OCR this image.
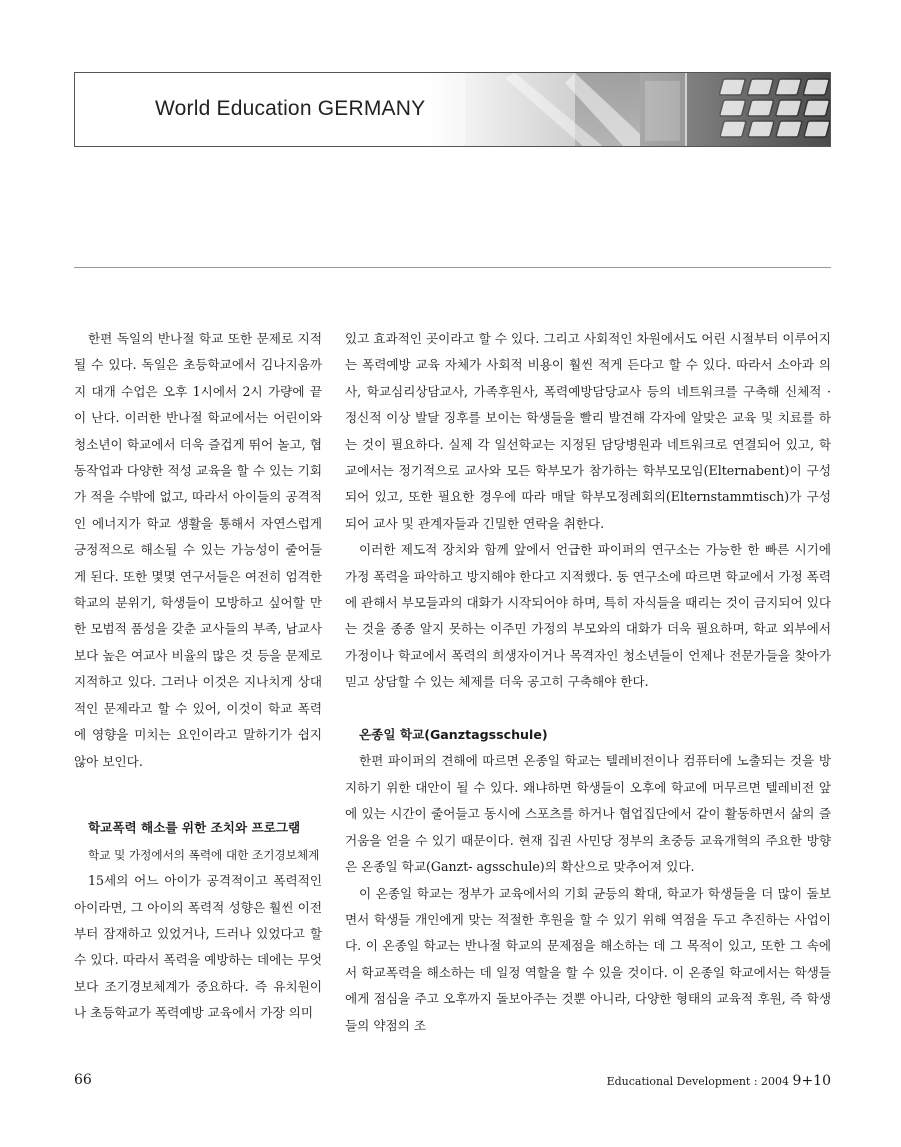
World Education GERMANY

한편 독일의 반나절 학교 또한 문제로 지적될 수 있다. 독일은 초등학교에서 김나지움까지 대개 수업은 오후 1시에서 2시 가량에 끝이 난다. 이러한 반나절 학교에서는 어린이와 청소년이 학교에서 더욱 즐겁게 뛰어 놀고, 협동작업과 다양한 적성 교육을 할 수 있는 기회가 적을 수밖에 없고, 따라서 아이들의 공격적인 에너지가 학교 생활을 통해서 자연스럽게 긍정적으로 해소될 수 있는 가능성이 줄어들게 된다. 또한 몇몇 연구서들은 여전히 엄격한 학교의 분위기, 학생들이 모방하고 싶어할 만한 모범적 품성을 갖춘 교사들의 부족, 남교사보다 높은 여교사 비율의 많은 것 등을 문제로 지적하고 있다. 그러나 이것은 지나치게 상대적인 문제라고 할 수 있어, 이것이 학교 폭력에 영향을 미치는 요인이라고 말하기가 쉽지 않아 보인다.

학교폭력 해소를 위한 조치와 프로그램

학교 및 가정에서의 폭력에 대한 조기경보체계

15세의 어느 아이가 공격적이고 폭력적인 아이라면, 그 아이의 폭력적 성향은 훨씬 이전부터 잠재하고 있었거나, 드러나 있었다고 할 수 있다. 따라서 폭력을 예방하는 데에는 무엇보다 조기경보체계가 중요하다. 즉 유치원이나 초등학교가 폭력예방 교육에서 가장 의미

있고 효과적인 곳이라고 할 수 있다. 그리고 사회적인 차원에서도 어린 시절부터 이루어지는 폭력예방 교육 자체가 사회적 비용이 훨씬 적게 든다고 할 수 있다. 따라서 소아과 의사, 학교심리상담교사, 가족후원사, 폭력예방담당교사 등의 네트워크를 구축해 신체적 · 정신적 이상 발달 징후를 보이는 학생들을 빨리 발견해 각자에 알맞은 교육 및 치료를 하는 것이 필요하다. 실제 각 일선학교는 지정된 담당병원과 네트워크로 연결되어 있고, 학교에서는 정기적으로 교사와 모든 학부모가 참가하는 학부모모임(Elternabent)이 구성되어 있고, 또한 필요한 경우에 따라 매달 학부모정례회의(Elternstammtisch)가 구성되어 교사 및 관계자들과 긴밀한 연락을 취한다.

이러한 제도적 장치와 함께 앞에서 언급한 파이퍼의 연구소는 가능한 한 빠른 시기에 가정 폭력을 파악하고 방지해야 한다고 지적했다. 동 연구소에 따르면 학교에서 가정 폭력에 관해서 부모들과의 대화가 시작되어야 하며, 특히 자식들을 때리는 것이 금지되어 있다는 것을 종종 알지 못하는 이주민 가정의 부모와의 대화가 더욱 필요하며, 학교 외부에서 가정이나 학교에서 폭력의 희생자이거나 목격자인 청소년들이 언제나 전문가들을 찾아가 믿고 상담할 수 있는 체제를 더욱 공고히 구축해야 한다.

온종일 학교(Ganztagsschule)

한편 파이퍼의 견해에 따르면 온종일 학교는 텔레비전이나 컴퓨터에 노출되는 것을 방지하기 위한 대안이 될 수 있다. 왜냐하면 학생들이 오후에 학교에 머무르면 텔레비전 앞에 있는 시간이 줄어들고 동시에 스포츠를 하거나 협업집단에서 같이 활동하면서 삶의 즐거움을 얻을 수 있기 때문이다. 현재 집권 사민당 정부의 초중등 교육개혁의 주요한 방향은 온종일 학교(Ganzt- agsschule)의 확산으로 맞추어져 있다.

이 온종일 학교는 정부가 교육에서의 기회 균등의 확대, 학교가 학생들을 더 많이 돌보면서 학생들 개인에게 맞는 적절한 후원을 할 수 있기 위해 역점을 두고 추진하는 사업이다. 이 온종일 학교는 반나절 학교의 문제점을 해소하는 데 그 목적이 있고, 또한 그 속에서 학교폭력을 해소하는 데 일정 역할을 할 수 있을 것이다. 이 온종일 학교에서는 학생들에게 점심을 주고 오후까지 돌보아주는 것뿐 아니라, 다양한 형태의 교육적 후원, 즉 학생들의 약점의 조

66	Educational Development : 2004 9+10
